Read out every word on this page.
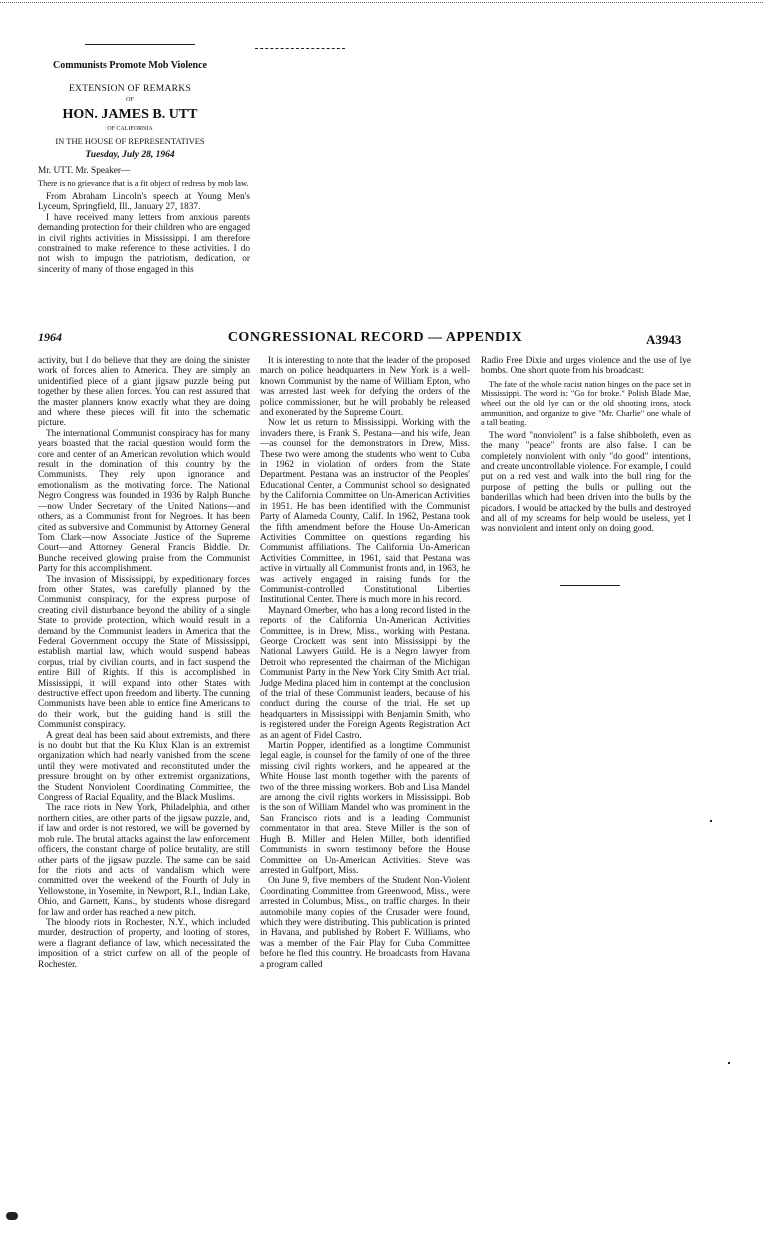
Communists Promote Mob Violence
EXTENSION OF REMARKS
OF
HON. JAMES B. UTT
OF CALIFORNIA
IN THE HOUSE OF REPRESENTATIVES
Tuesday, July 28, 1964

Mr. UTT. Mr. Speaker—

There is no grievance that is a fit object of redress by mob law.

From Abraham Lincoln's speech at Young Men's Lyceum, Springfield, Ill., January 27, 1837.

I have received many letters from anxious parents demanding protection for their children who are engaged in civil rights activities in Mississippi. I am therefore constrained to make reference to these activities. I do not wish to impugn the patriotism, dedication, or sincerity of many of those engaged in this

1964	CONGRESSIONAL RECORD — APPENDIX	A3943

activity, but I do believe that they are doing the sinister work of forces alien to America. They are simply an unidentified piece of a giant jigsaw puzzle being put together by these alien forces. You can rest assured that the master planners know exactly what they are doing and where these pieces will fit into the schematic picture.

The international Communist conspiracy has for many years boasted that the racial question would form the core and center of an American revolution which would result in the domination of this country by the Communists. They rely upon ignorance and emotionalism as the motivating force. The National Negro Congress was founded in 1936 by Ralph Bunche—now Under Secretary of the United Nations—and others, as a Communist front for Negroes. It has been cited as subversive and Communist by Attorney General Tom Clark—now Associate Justice of the Supreme Court—and Attorney General Francis Biddle. Dr. Bunche received glowing praise from the Communist Party for this accomplishment.

The invasion of Mississippi, by expeditionary forces from other States, was carefully planned by the Communist conspiracy, for the express purpose of creating civil disturbance beyond the ability of a single State to provide protection, which would result in a demand by the Communist leaders in America that the Federal Government occupy the State of Mississippi, establish martial law, which would suspend habeas corpus, trial by civilian courts, and in fact suspend the entire Bill of Rights. If this is accomplished in Mississippi, it will expand into other States with destructive effect upon freedom and liberty. The cunning Communists have been able to entice fine Americans to do their work, but the guiding hand is still the Communist conspiracy.

A great deal has been said about extremists, and there is no doubt but that the Ku Klux Klan is an extremist organization which had nearly vanished from the scene until they were motivated and reconstituted under the pressure brought on by other extremist organizations, the Student Nonviolent Coordinating Committee, the Congress of Racial Equality, and the Black Muslims.

The race riots in New York, Philadelphia, and other northern cities, are other parts of the jigsaw puzzle, and, if law and order is not restored, we will be governed by mob rule. The brutal attacks against the law enforcement officers, the constant charge of police brutality, are still other parts of the jigsaw puzzle. The same can be said for the riots and acts of vandalism which were committed over the weekend of the Fourth of July in Yellowstone, in Yosemite, in Newport, R.I., Indian Lake, Ohio, and Garnett, Kans., by students whose disregard for law and order has reached a new pitch.

The bloody riots in Rochester, N.Y., which included murder, destruction of property, and looting of stores, were a flagrant defiance of law, which necessitated the imposition of a strict curfew on all of the people of Rochester.

It is interesting to note that the leader of the proposed march on police headquarters in New York is a well-known Communist by the name of William Epton, who was arrested last week for defying the orders of the police commissioner, but he will probably be released and exonerated by the Supreme Court.

Now let us return to Mississippi. Working with the invaders there, is Frank S. Pestana—and his wife, Jean—as counsel for the demonstrators in Drew, Miss. These two were among the students who went to Cuba in 1962 in violation of orders from the State Department. Pestana was an instructor of the Peoples' Educational Center, a Communist school so designated by the California Committee on Un-American Activities in 1951. He has been identified with the Communist Party of Alameda County, Calif. In 1962, Pestana took the fifth amendment before the House Un-American Activities Committee on questions regarding his Communist affiliations. The California Un-American Activities Committee, in 1961, said that Pestana was active in virtually all Communist fronts and, in 1963, he was actively engaged in raising funds for the Communist-controlled Constitutional Liberties Institutional Center. There is much more in his record.

Maynard Omerber, who has a long record listed in the reports of the California Un-American Activities Committee, is in Drew, Miss., working with Pestana. George Crockett was sent into Mississippi by the National Lawyers Guild. He is a Negro lawyer from Detroit who represented the chairman of the Michigan Communist Party in the New York City Smith Act trial. Judge Medina placed him in contempt at the conclusion of the trial of these Communist leaders, because of his conduct during the course of the trial. He set up headquarters in Mississippi with Benjamin Smith, who is registered under the Foreign Agents Registration Act as an agent of Fidel Castro.

Martin Popper, identified as a longtime Communist legal eagle, is counsel for the family of one of the three missing civil rights workers, and he appeared at the White House last month together with the parents of two of the three missing workers. Bob and Lisa Mandel are among the civil rights workers in Mississippi. Bob is the son of William Mandel who was prominent in the San Francisco riots and is a leading Communist commentator in that area. Steve Miller is the son of Hugh B. Miller and Helen Miller, both identified Communists in sworn testimony before the House Committee on Un-American Activities. Steve was arrested in Gulfport, Miss.

On June 9, five members of the Student Non-Violent Coordinating Committee from Greenwood, Miss., were arrested in Columbus, Miss., on traffic charges. In their automobile many copies of the Crusader were found, which they were distributing. This publication is printed in Havana, and published by Robert F. Williams, who was a member of the Fair Play for Cuba Committee before he fled this country. He broadcasts from Havana a program called

Radio Free Dixie and urges violence and the use of lye bombs. One short quote from his broadcast:

The fate of the whole racist nation hinges on the pace set in Mississippi. The word is: "Go for broke." Polish Blade Mae, wheel out the old lye can or the old shooting irons, stock ammunition, and organize to give "Mr. Charlie" one whale of a tall beating.

The word "nonviolent" is a false shibboleth, even as the many "peace" fronts are also false. I can be completely nonviolent with only "do good" intentions, and create uncontrollable violence. For example, I could put on a red vest and walk into the bull ring for the purpose of petting the bulls or pulling out the banderillas which had been driven into the bulls by the picadors. I would be attacked by the bulls and destroyed and all of my screams for help would be useless, yet I was nonviolent and intent only on doing good.
